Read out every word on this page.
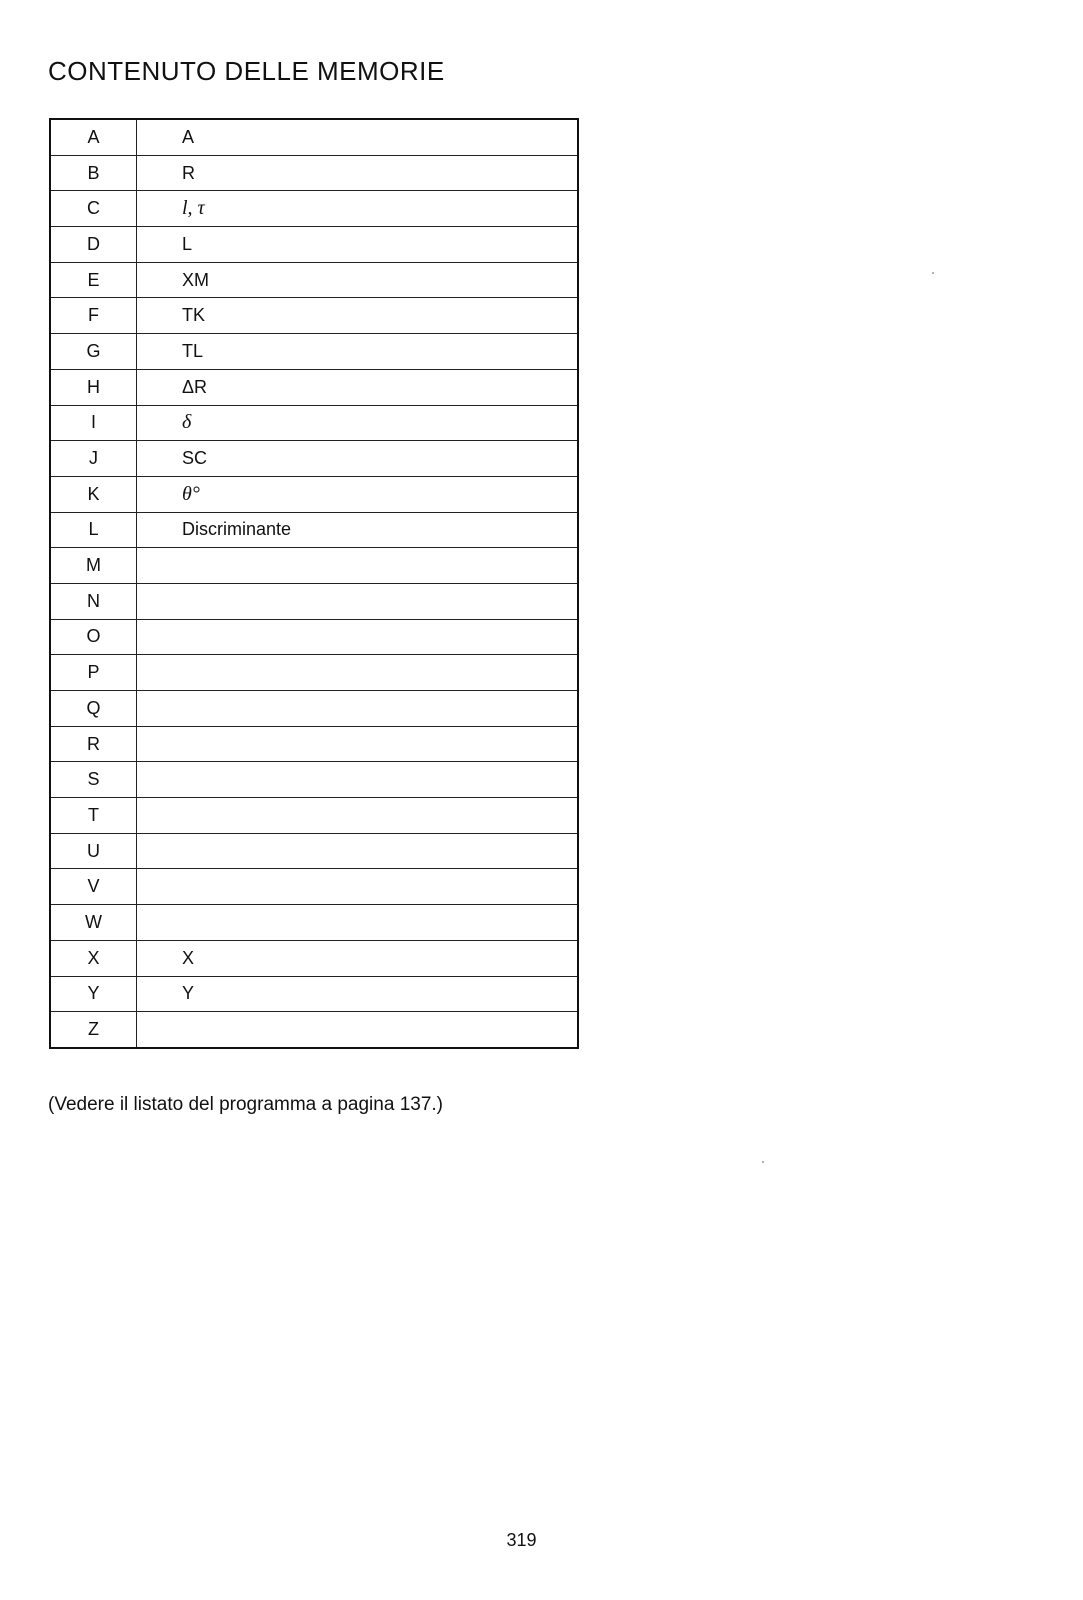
CONTENUTO DELLE MEMORIE
A	A
B	R
C	l, τ
D	L
E	XM
F	TK
G	TL
H	ΔR
I	δ
J	SC
K	θ°
L	Discriminante
M	
N	
O	
P	
Q	
R	
S	
T	
U	
V	
W	
X	X
Y	Y
Z	

(Vedere il listato del programma a pagina 137.)

319
